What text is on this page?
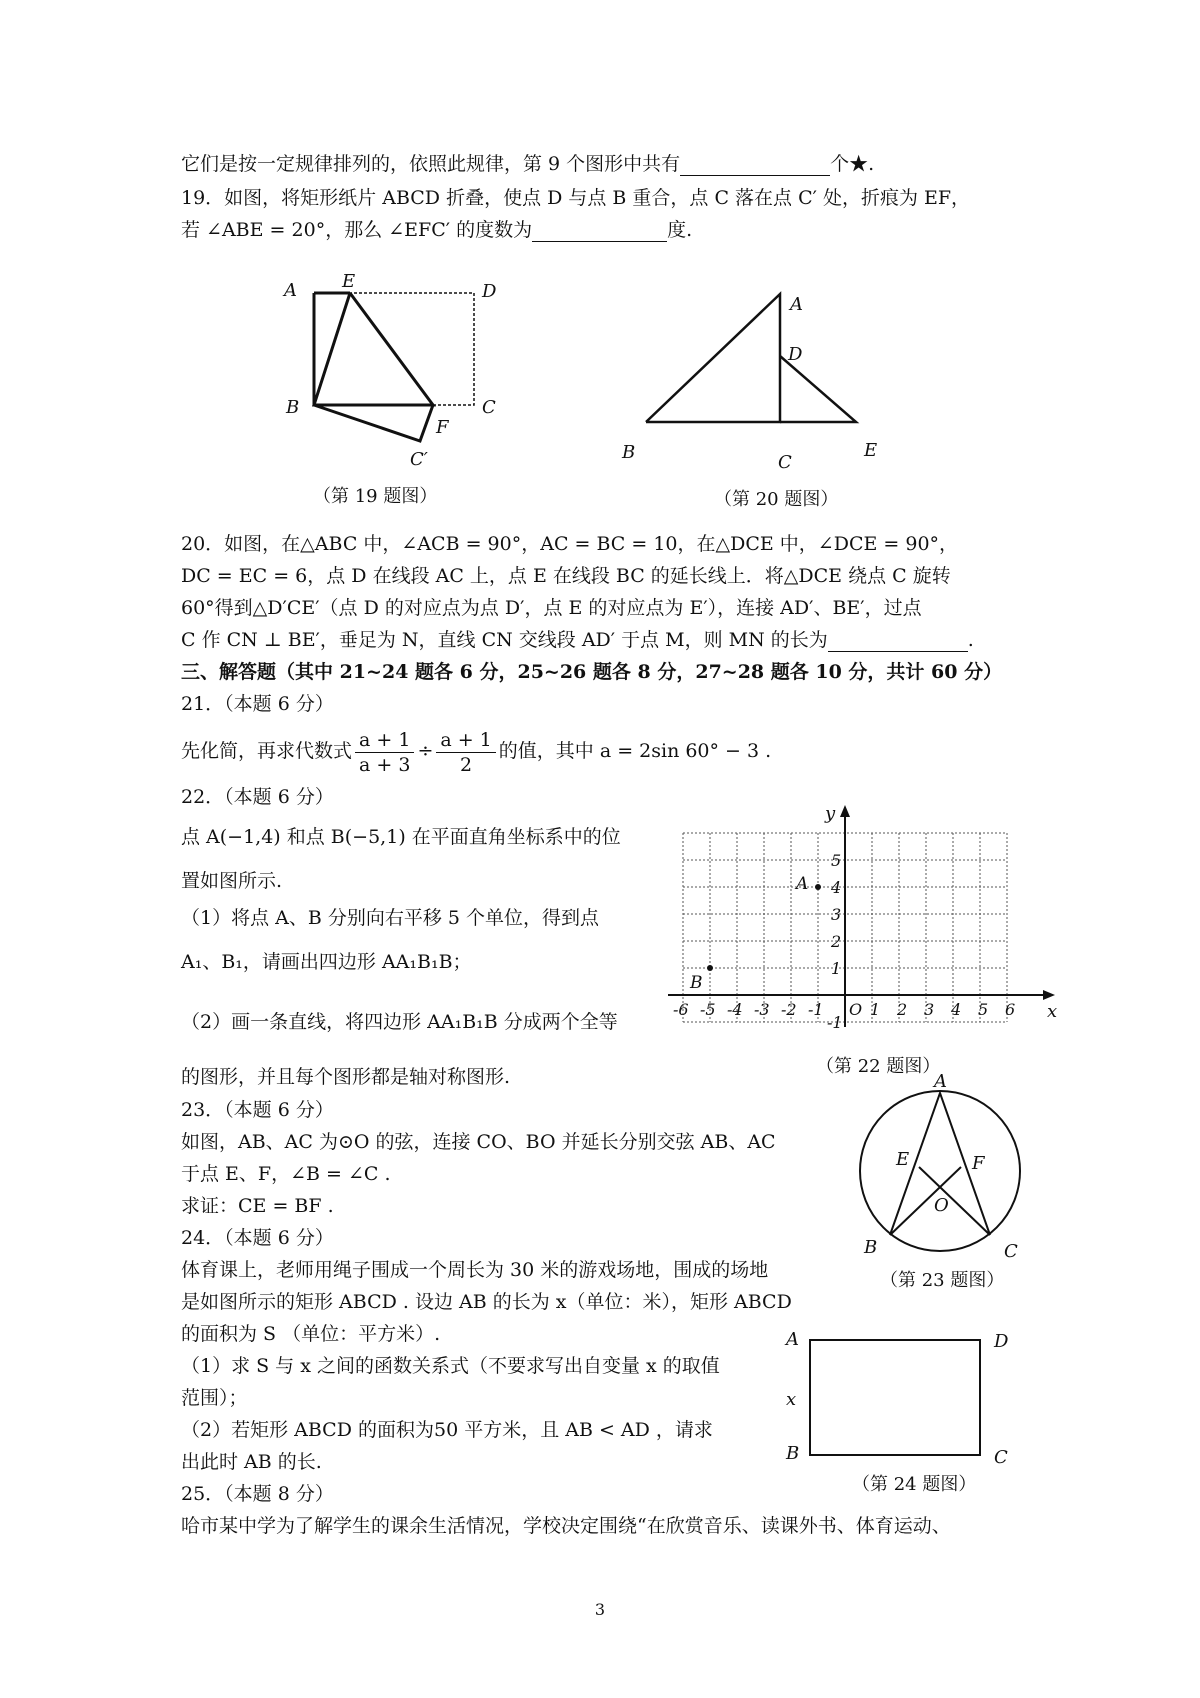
它们是按一定规律排列的，依照此规律，第 9 个图形中共有	个★.
19．如图，将矩形纸片 ABCD 折叠，使点 D 与点 B 重合，点 C 落在点 C′ 处，折痕为 EF，
若 ∠ABE = 20°，那么 ∠EFC′ 的度数为	度.
A	E	D
B	C
F
C′
（第 19 题图）
A
D
B	C
E
（第 20 题图）
20．如图，在△ABC 中，∠ACB = 90°，AC = BC = 10，在△DCE 中，∠DCE = 90°，
DC = EC = 6，点 D 在线段 AC 上，点 E 在线段 BC 的延长线上．将△DCE 绕点 C 旋转
60°得到△D′CE′（点 D 的对应点为点 D′，点 E 的对应点为 E′），连接 AD′、BE′，过点
C 作 CN ⊥ BE′，垂足为 N，直线 CN 交线段 AD′ 于点 M，则 MN 的长为	.
三、解答题（其中 21~24 题各 6 分，25~26 题各 8 分，27~28 题各 10 分，共计 60 分）
21．（本题 6 分）
先化简，再求代数式 $\frac{a + 1}{a + 3} \div \frac{a + 1}{2}$ 的值，其中 a = 2sin 60° − 3 .
22．（本题 6 分）
点 A(−1,4) 和点 B(−5,1) 在平面直角坐标系中的位
置如图所示.
（1）将点 A、B 分别向右平移 5 个单位，得到点
A₁、B₁，请画出四边形 AA₁B₁B；
（2）画一条直线，将四边形 AA₁B₁B 分成两个全等
的图形，并且每个图形都是轴对称图形.
-6 -5 -4 -3 -2 -1	1 2 3 4 5 6
5
4
3
2
1
-1
O	x
y
A
B
（第 22 题图）
23．（本题 6 分）
如图，AB、AC 为⊙O 的弦，连接 CO、BO 并延长分别交弦 AB、AC
于点 E、F，∠B = ∠C .
求证：CE = BF .
A
E	F
O
B	C
（第 23 题图）
24．（本题 6 分）
体育课上，老师用绳子围成一个周长为 30 米的游戏场地，围成的场地
是如图所示的矩形 ABCD . 设边 AB 的长为 x（单位：米），矩形 ABCD
的面积为 S （单位：平方米）.
（1）求 S 与 x 之间的函数关系式（不要求写出自变量 x 的取值
范围）；
（2）若矩形 ABCD 的面积为50 平方米，且 AB < AD ，请求
出此时 AB 的长.
A	D
x
B	C
（第 24 题图）
25．（本题 8 分）
哈市某中学为了解学生的课余生活情况，学校决定围绕“在欣赏音乐、读课外书、体育运动、
3
